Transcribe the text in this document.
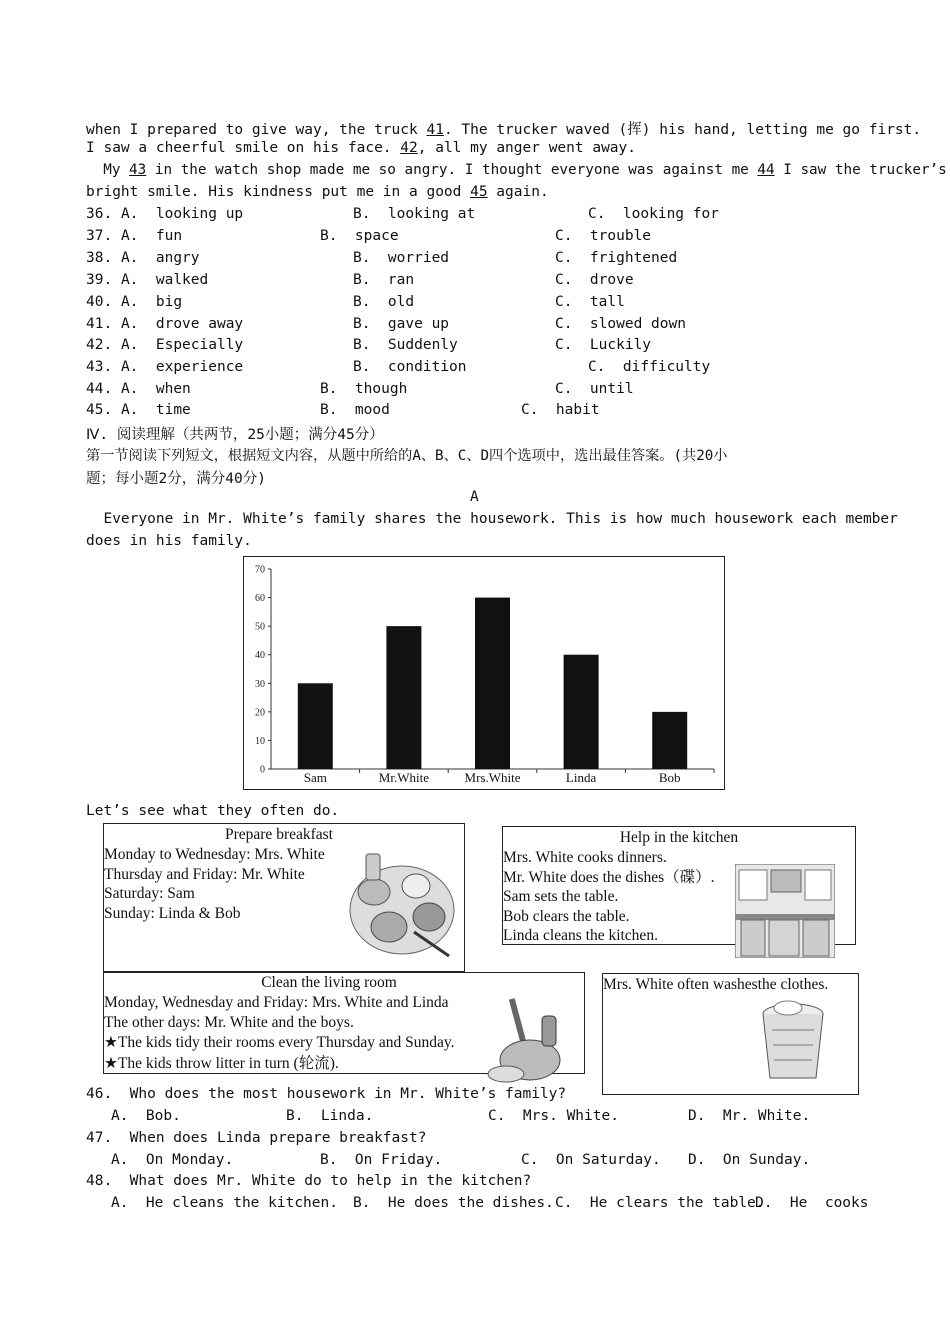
when I prepared to give way, the truck 41. The trucker waved (挥) his hand, letting me go first.
I saw a cheerful smile on his face. 42, all my anger went away.
My 43 in the watch shop made me so angry. I thought everyone was against me 44 I saw the trucker’s
bright smile. His kindness put me in a good 45 again.
36. A.  looking up	B.  looking at	C.  looking for
37. A.  fun	B.  space	C.  trouble
38. A.  angry	B.  worried	C.  frightened
39. A.  walked	B.  ran	C.  drove
40. A.  big	B.  old	C.  tall
41. A.  drove away	B.  gave up	C.  slowed down
42. A.  Especially	B.  Suddenly	C.  Luckily
43. A.  experience	B.  condition	C.  difficulty
44. A.  when	B.  though	C.  until
45. A.  time	B.  mood	C.  habit
Ⅳ. 阅读理解（共两节，25小题；满分45分）
第一节阅读下列短文，根据短文内容，从题中所给的A、B、C、D四个选项中，选出最佳答案。(共20小
题；每小题2分，满分40分)
A
Everyone in Mr. White’s family shares the housework. This is how much housework each member
does in his family.
0
10
20
30
40
50
60
70
Sam	Mr.White	Mrs.White	Linda	Bob
Let’s see what they often do.
Prepare breakfast
Monday to Wednesday: Mrs. White
Thursday and Friday: Mr. White
Saturday: Sam
Sunday: Linda & Bob
Help in the kitchen
Mrs. White cooks dinners.
Mr. White does the dishes（碟）.
Sam sets the table.
Bob clears the table.
Linda cleans the kitchen.
Clean the living room
Monday, Wednesday and Friday: Mrs. White and Linda
The other days: Mr. White and the boys.
★The kids tidy their rooms every Thursday and Sunday.
★The kids throw litter in turn (轮流).
Mrs. White often washesthe clothes.
46.  Who does the most housework in Mr. White’s family?
A.  Bob.	B.  Linda.	C.  Mrs. White.	D.  Mr. White.
47.  When does Linda prepare breakfast?
A.  On Monday.	B.  On Friday.	C.  On Saturday. D.  On Sunday.
48.  What does Mr. White do to help in the kitchen?
A.  He cleans the kitchen. B.  He does the dishes. C.  He clears the table.
D.  He  cooks
